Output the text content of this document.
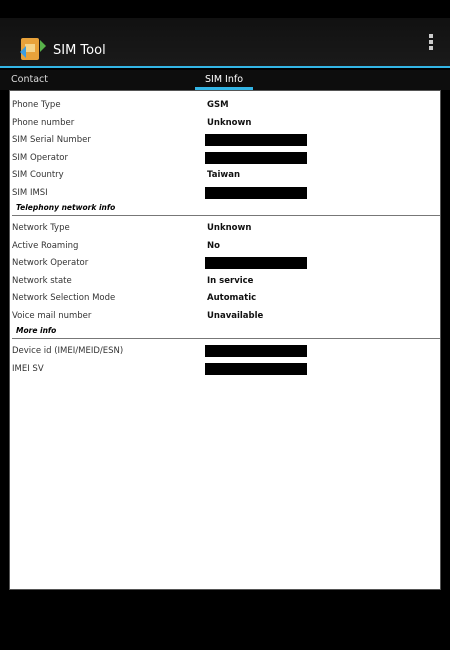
SIM Tool
Contact	SIM Info
Phone Type	GSM
Phone number	Unknown
SIM Serial Number
SIM Operator
SIM Country	Taiwan
SIM IMSI
Telephony network info
Network Type	Unknown
Active Roaming	No
Network Operator
Network state	In service
Network Selection Mode	Automatic
Voice mail number	Unavailable
More info
Device id (IMEI/MEID/ESN)
IMEI SV
